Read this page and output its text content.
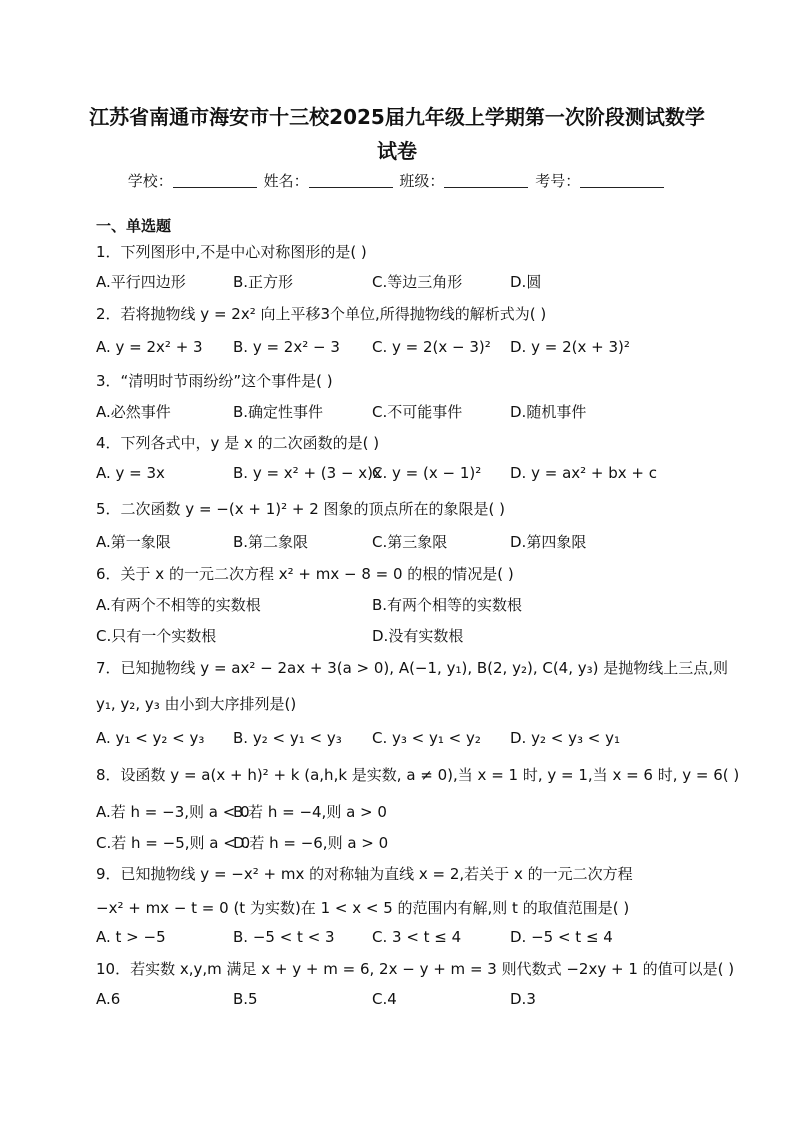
江苏省南通市海安市十三校2025届九年级上学期第一次阶段测试数学
试卷
学校：	姓名：	班级：	考号：
一、单选题
1．下列图形中,不是中心对称图形的是( )
A.平行四边形	B.正方形	C.等边三角形	D.圆
2．若将抛物线 y = 2x² 向上平移3个单位,所得抛物线的解析式为( )
A. y = 2x² + 3 B. y = 2x² − 3 C. y = 2(x − 3)² D. y = 2(x + 3)²
3．“清明时节雨纷纷”这个事件是( )
A.必然事件	B.确定性事件	C.不可能事件	D.随机事件
4．下列各式中，y 是 x 的二次函数的是( )
A. y = 3x	B. y = x² + (3 − x)x
C. y = (x − 1)² D. y = ax² + bx + c
5．二次函数 y = −(x + 1)² + 2 图象的顶点所在的象限是( )
A.第一象限	B.第二象限	C.第三象限	D.第四象限
6．关于 x 的一元二次方程 x² + mx − 8 = 0 的根的情况是( )
A.有两个不相等的实数根	B.有两个相等的实数根
C.只有一个实数根	D.没有实数根
7．已知抛物线 y = ax² − 2ax + 3(a > 0), A(−1, y₁), B(2, y₂), C(4, y₃) 是抛物线上三点,则
y₁, y₂, y₃ 由小到大序排列是()
A. y₁ < y₂ < y₃ B. y₂ < y₁ < y₃ C. y₃ < y₁ < y₂ D. y₂ < y₃ < y₁
8．设函数 y = a(x + h)² + k (a,h,k 是实数, a ≠ 0),当 x = 1 时, y = 1,当 x = 6 时, y = 6( )
A.若 h = −3,则 a < 0
B.若 h = −4,则 a > 0
C.若 h = −5,则 a < 0
D.若 h = −6,则 a > 0
9．已知抛物线 y = −x² + mx 的对称轴为直线 x = 2,若关于 x 的一元二次方程
−x² + mx − t = 0 (t 为实数)在 1 < x < 5 的范围内有解,则 t 的取值范围是( )
A. t > −5	B. −5 < t < 3 C. 3 < t ≤ 4	D. −5 < t ≤ 4
10．若实数 x,y,m 满足 x + y + m = 6, 2x − y + m = 3 则代数式 −2xy + 1 的值可以是( )
A.6	B.5	C.4	D.3
